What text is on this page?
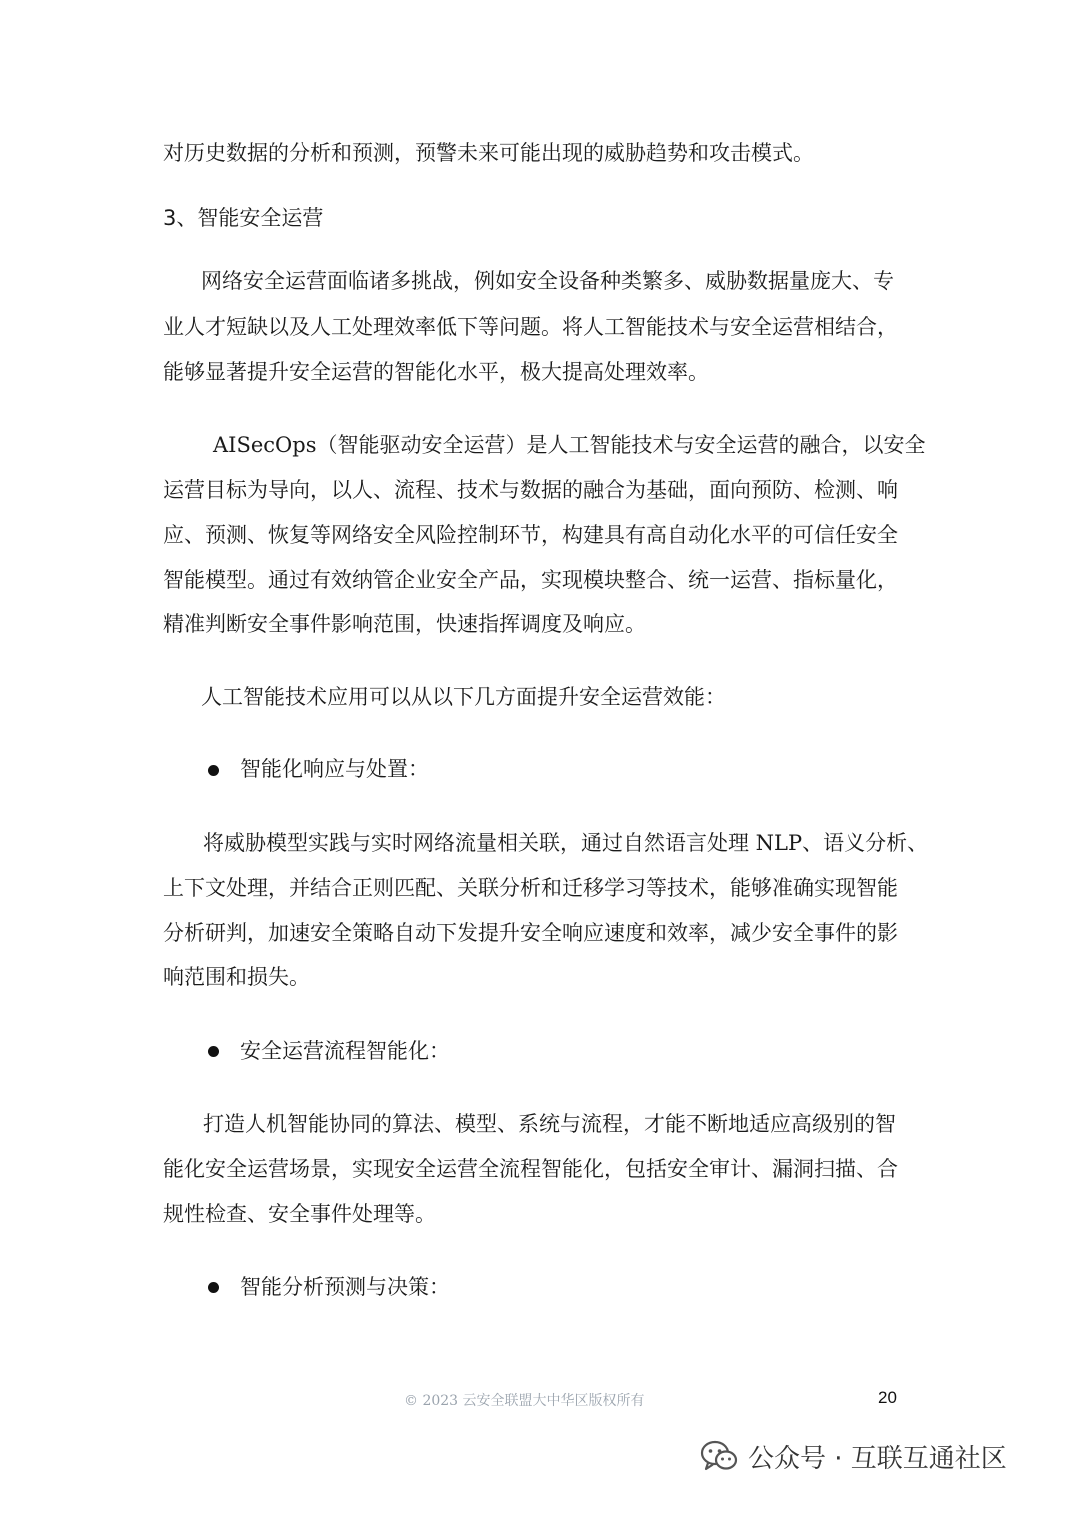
对历史数据的分析和预测，预警未来可能出现的威胁趋势和攻击模式。
3、智能安全运营
网络安全运营面临诸多挑战，例如安全设备种类繁多、威胁数据量庞大、专
业人才短缺以及人工处理效率低下等问题。将人工智能技术与安全运营相结合，
能够显著提升安全运营的智能化水平，极大提高处理效率。
AISecOps（智能驱动安全运营）是人工智能技术与安全运营的融合，以安全
运营目标为导向，以人、流程、技术与数据的融合为基础，面向预防、检测、响
应、预测、恢复等网络安全风险控制环节，构建具有高自动化水平的可信任安全
智能模型。通过有效纳管企业安全产品，实现模块整合、统一运营、指标量化，
精准判断安全事件影响范围，快速指挥调度及响应。
人工智能技术应用可以从以下几方面提升安全运营效能：
智能化响应与处置：
将威胁模型实践与实时网络流量相关联，通过自然语言处理 NLP、语义分析、
上下文处理，并结合正则匹配、关联分析和迁移学习等技术，能够准确实现智能
分析研判，加速安全策略自动下发提升安全响应速度和效率，减少安全事件的影
响范围和损失。
安全运营流程智能化：
打造人机智能协同的算法、模型、系统与流程，才能不断地适应高级别的智
能化安全运营场景，实现安全运营全流程智能化，包括安全审计、漏洞扫描、合
规性检查、安全事件处理等。
智能分析预测与决策：
© 2023 云安全联盟大中华区版权所有	20
公众号 · 互联互通社区
